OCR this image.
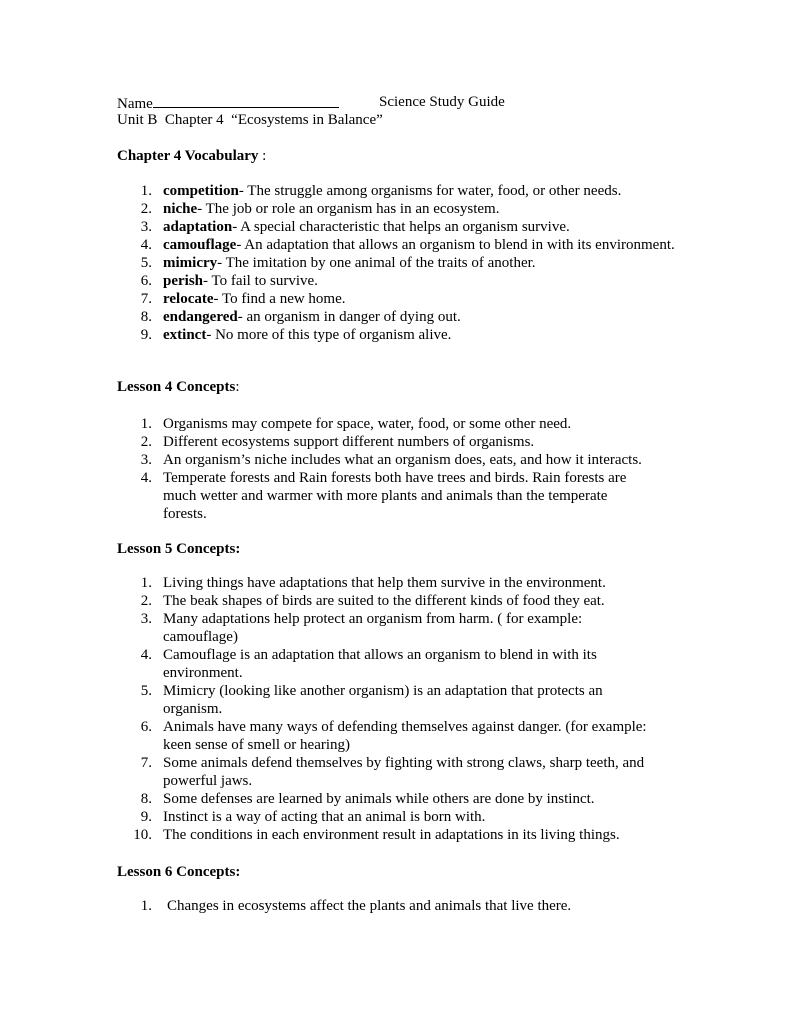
Name	Science Study Guide
Unit B  Chapter 4  “Ecosystems in Balance”
Chapter 4 Vocabulary :
1. competition- The struggle among organisms for water, food, or other needs.
2. niche- The job or role an organism has in an ecosystem.
3. adaptation- A special characteristic that helps an organism survive.
4. camouflage- An adaptation that allows an organism to blend in with its environment.
5. mimicry- The imitation by one animal of the traits of another.
6. perish- To fail to survive.
7. relocate- To find a new home.
8. endangered- an organism in danger of dying out.
9. extinct- No more of this type of organism alive.
Lesson 4 Concepts:
1. Organisms may compete for space, water, food, or some other need.
2. Different ecosystems support different numbers of organisms.
3. An organism’s niche includes what an organism does, eats, and how it interacts.
4. Temperate forests and Rain forests both have trees and birds. Rain forests are much wetter and warmer with more plants and animals than the temperate forests.
Lesson 5 Concepts:
1. Living things have adaptations that help them survive in the environment.
2. The beak shapes of birds are suited to the different kinds of food they eat.
3. Many adaptations help protect an organism from harm. ( for example: camouflage)
4. Camouflage is an adaptation that allows an organism to blend in with its environment.
5. Mimicry (looking like another organism) is an adaptation that protects an organism.
6. Animals have many ways of defending themselves against danger. (for example: keen sense of smell or hearing)
7. Some animals defend themselves by fighting with strong claws, sharp teeth, and powerful jaws.
8. Some defenses are learned by animals while others are done by instinct.
9. Instinct is a way of acting that an animal is born with.
10. The conditions in each environment result in adaptations in its living things.
Lesson 6 Concepts:
1. Changes in ecosystems affect the plants and animals that live there.
